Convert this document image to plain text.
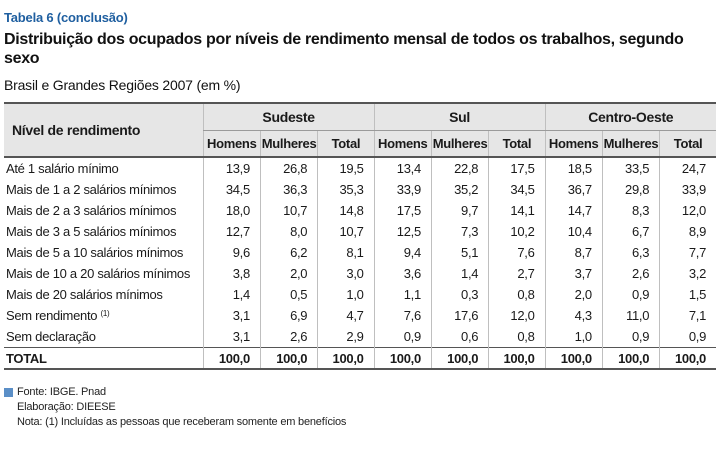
Tabela 6 (conclusão)
Distribuição dos ocupados por níveis de rendimento mensal de todos os trabalhos, segundo sexo
Brasil e Grandes Regiões 2007 (em %)
Nível de rendimento	Sudeste			Sul			Centro-Oeste		
	Homens	Mulheres	Total	Homens	Mulheres	Total	Homens	Mulheres	Total
Até 1 salário mínimo	13,9	26,8	19,5	13,4	22,8	17,5	18,5	33,5	24,7
Mais de 1 a 2 salários mínimos	34,5	36,3	35,3	33,9	35,2	34,5	36,7	29,8	33,9
Mais de 2 a 3 salários mínimos	18,0	10,7	14,8	17,5	9,7	14,1	14,7	8,3	12,0
Mais de 3 a 5 salários mínimos	12,7	8,0	10,7	12,5	7,3	10,2	10,4	6,7	8,9
Mais de 5 a 10 salários mínimos	9,6	6,2	8,1	9,4	5,1	7,6	8,7	6,3	7,7
Mais de 10 a 20 salários mínimos	3,8	2,0	3,0	3,6	1,4	2,7	3,7	2,6	3,2
Mais de 20 salários mínimos	1,4	0,5	1,0	1,1	0,3	0,8	2,0	0,9	1,5
Sem rendimento $^{(1)}$	3,1	6,9	4,7	7,6	17,6	12,0	4,3	11,0	7,1
Sem declaração	3,1	2,6	2,9	0,9	0,6	0,8	1,0	0,9	0,9
TOTAL	100,0	100,0	100,0	100,0	100,0	100,0	100,0	100,0	100,0
Fonte: IBGE. Pnad
Elaboração: DIEESE
Nota: (1) Incluídas as pessoas que receberam somente em benefícios
